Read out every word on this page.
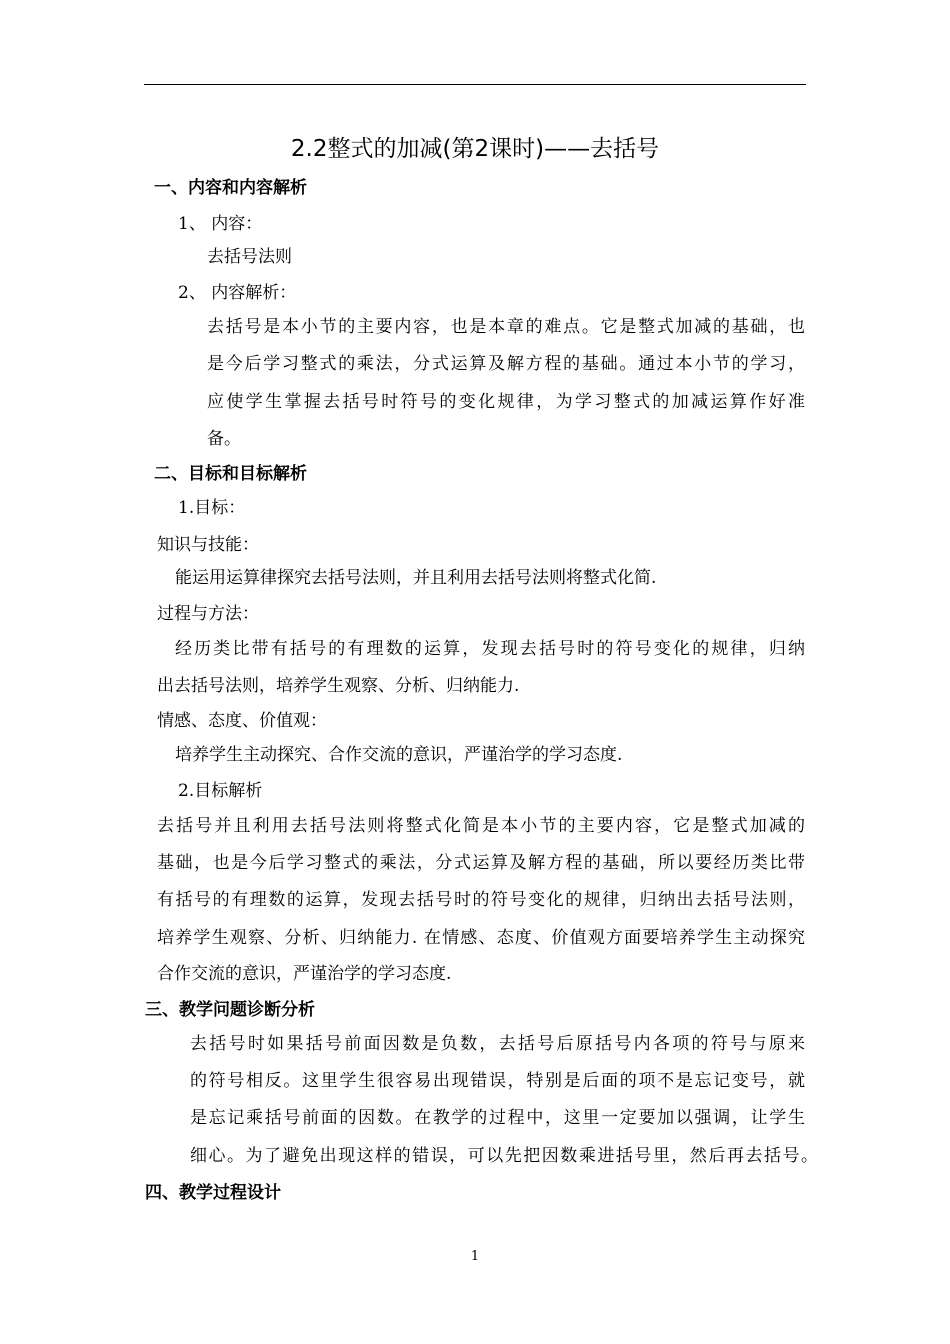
2.2整式的加减(第2课时)——去括号
一、内容和内容解析
1、 内容：
去括号法则
2、 内容解析：
去括号是本小节的主要内容，也是本章的难点。它是整式加减的基础，也
是今后学习整式的乘法，分式运算及解方程的基础。通过本小节的学习，
应使学生掌握去括号时符号的变化规律，为学习整式的加减运算作好准
备。
二、目标和目标解析
1.目标：
知识与技能：
能运用运算律探究去括号法则，并且利用去括号法则将整式化简.
过程与方法：
经历类比带有括号的有理数的运算，发现去括号时的符号变化的规律，归纳
出去括号法则，培养学生观察、分析、归纳能力.
情感、态度、价值观：
培养学生主动探究、合作交流的意识，严谨治学的学习态度.
2.目标解析
去括号并且利用去括号法则将整式化简是本小节的主要内容，它是整式加减的
基础，也是今后学习整式的乘法，分式运算及解方程的基础，所以要经历类比带
有括号的有理数的运算，发现去括号时的符号变化的规律，归纳出去括号法则，
培养学生观察、分析、归纳能力. 在情感、态度、价值观方面要培养学生主动探究
合作交流的意识，严谨治学的学习态度.
三、教学问题诊断分析
去括号时如果括号前面因数是负数，去括号后原括号内各项的符号与原来
的符号相反。这里学生很容易出现错误，特别是后面的项不是忘记变号，就
是忘记乘括号前面的因数。在教学的过程中，这里一定要加以强调，让学生
细心。为了避免出现这样的错误，可以先把因数乘进括号里，然后再去括号。
四、教学过程设计
1
